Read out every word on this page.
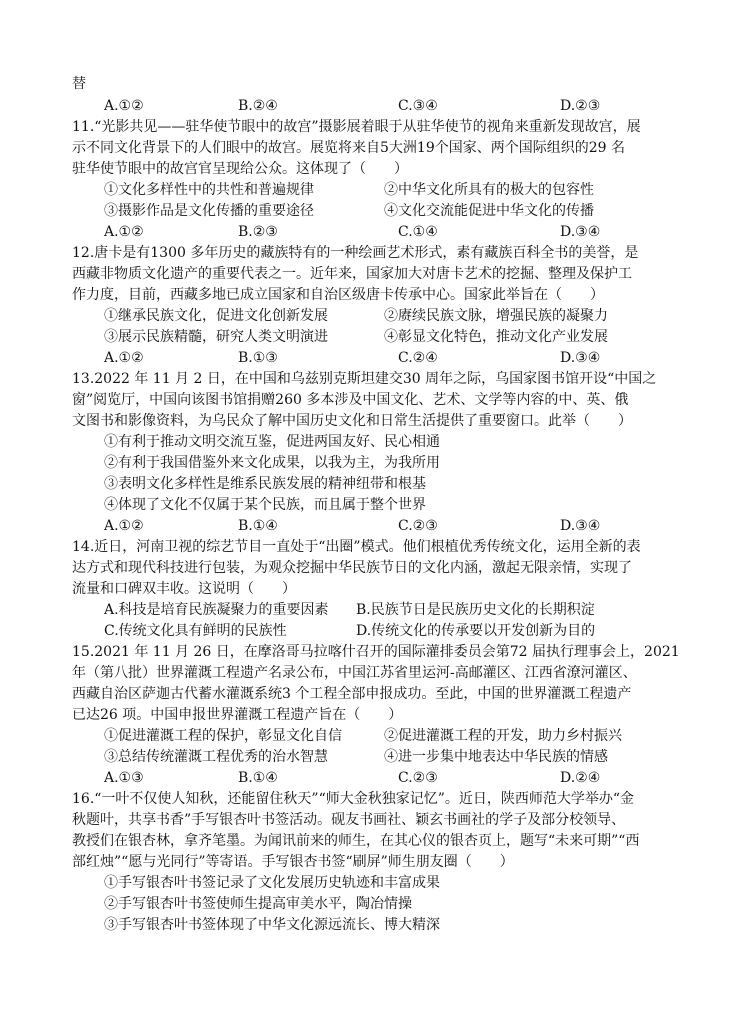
替
A.①②	B.②④	C.③④	D.②③
11.“光影共见——驻华使节眼中的故宫”摄影展着眼于从驻华使节的视角来重新发现故宫，展
示不同文化背景下的人们眼中的故宫。展览将来自5大洲19个国家、两个国际组织的29 名
驻华使节眼中的故宫官呈现给公众。这体现了（　　）
①文化多样性中的共性和普遍规律	②中华文化所具有的极大的包容性
③摄影作品是文化传播的重要途径	④文化交流能促进中华文化的传播
A.①②	B.②③	C.①④	D.③④
12.唐卡是有1300 多年历史的藏族特有的一种绘画艺术形式，素有藏族百科全书的美誉，是
西藏非物质文化遗产的重要代表之一。近年来，国家加大对唐卡艺术的挖掘、整理及保护工
作力度，目前，西藏多地已成立国家和自治区级唐卡传承中心。国家此举旨在（　　）
①继承民族文化，促进文化创新发展	②赓续民族文脉，增强民族的凝聚力
③展示民族精髓，研究人类文明演进	④彰显文化特色，推动文化产业发展
A.①②	B.①③	C.②④	D.③④
13.2022 年 11 月 2 日，在中国和乌兹别克斯坦建交30 周年之际，乌国家图书馆开设“中国之
窗”阅览厅，中国向该图书馆捐赠260 多本涉及中国文化、艺术、文学等内容的中、英、俄
文图书和影像资料，为乌民众了解中国历史文化和日常生活提供了重要窗口。此举（　　）
①有利于推动文明交流互鉴，促进两国友好、民心相通
②有利于我国借鉴外来文化成果，以我为主，为我所用
③表明文化多样性是维系民族发展的精神纽带和根基
④体现了文化不仅属于某个民族，而且属于整个世界
A.①②	B.①④	C.②③	D.③④
14.近日，河南卫视的综艺节目一直处于“出圈”模式。他们根植优秀传统文化，运用全新的表
达方式和现代科技进行包装，为观众挖掘中华民族节日的文化内涵，激起无限亲情，实现了
流量和口碑双丰收。这说明（　　）
A.科技是培育民族凝聚力的重要因素 B.民族节日是民族历史文化的长期积淀
C.传统文化具有鲜明的民族性	D.传统文化的传承要以开发创新为目的
15.2021 年 11 月 26 日，在摩洛哥马拉喀什召开的国际灌排委员会第72 届执行理事会上，2021
年（第八批）世界灌溉工程遗产名录公布，中国江苏省里运河-高邮灌区、江西省潦河灌区、
西藏自治区萨迦古代蓄水灌溉系统3 个工程全部申报成功。至此，中国的世界灌溉工程遗产
已达26 项。中国申报世界灌溉工程遗产旨在（　　）
①促进灌溉工程的保护，彰显文化自信	②促进灌溉工程的开发，助力乡村振兴
③总结传统灌溉工程优秀的治水智慧	④进一步集中地表达中华民族的情感
A.①③	B.①④	C.②③	D.②④
16.“一叶不仅使人知秋，还能留住秋天”“师大金秋独家记忆”。近日，陕西师范大学举办“金
秋题叶，共享书香”手写银杏叶书签活动。砚友书画社、颖玄书画社的学子及部分校领导、
教授们在银杏林，拿齐笔墨。为闻讯前来的师生，在其心仪的银杏页上，题写“未来可期”“西
部红烛”“愿与光同行”等寄语。手写银杏书签“刷屏”师生朋友圈（　　）
①手写银杏叶书签记录了文化发展历史轨迹和丰富成果
②手写银杏叶书签使师生提高审美水平，陶冶情操
③手写银杏叶书签体现了中华文化源远流长、博大精深
